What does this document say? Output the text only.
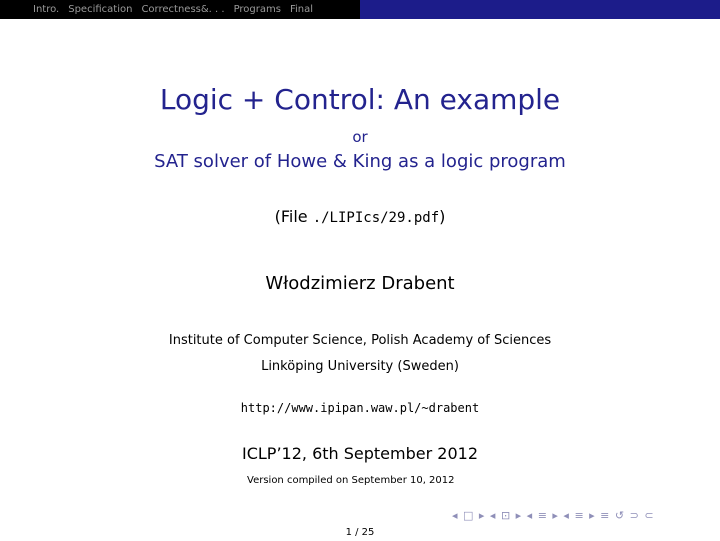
Intro. Specification Correctness&. . . Programs Final
Logic + Control: An example
or
SAT solver of Howe & King as a logic program
(File ./LIPIcs/29.pdf)
Włodzimierz Drabent
Institute of Computer Science, Polish Academy of Sciences
Linköping University (Sweden)
http://www.ipipan.waw.pl/~drabent
ICLP’12, 6th September 2012
Version compiled on September 10, 2012
◂ □ ▸ ◂ ⊡ ▸ ◂ ≡ ▸ ◂ ≡ ▸ ≡ ↺ ⊃ ⊂
1 / 25
